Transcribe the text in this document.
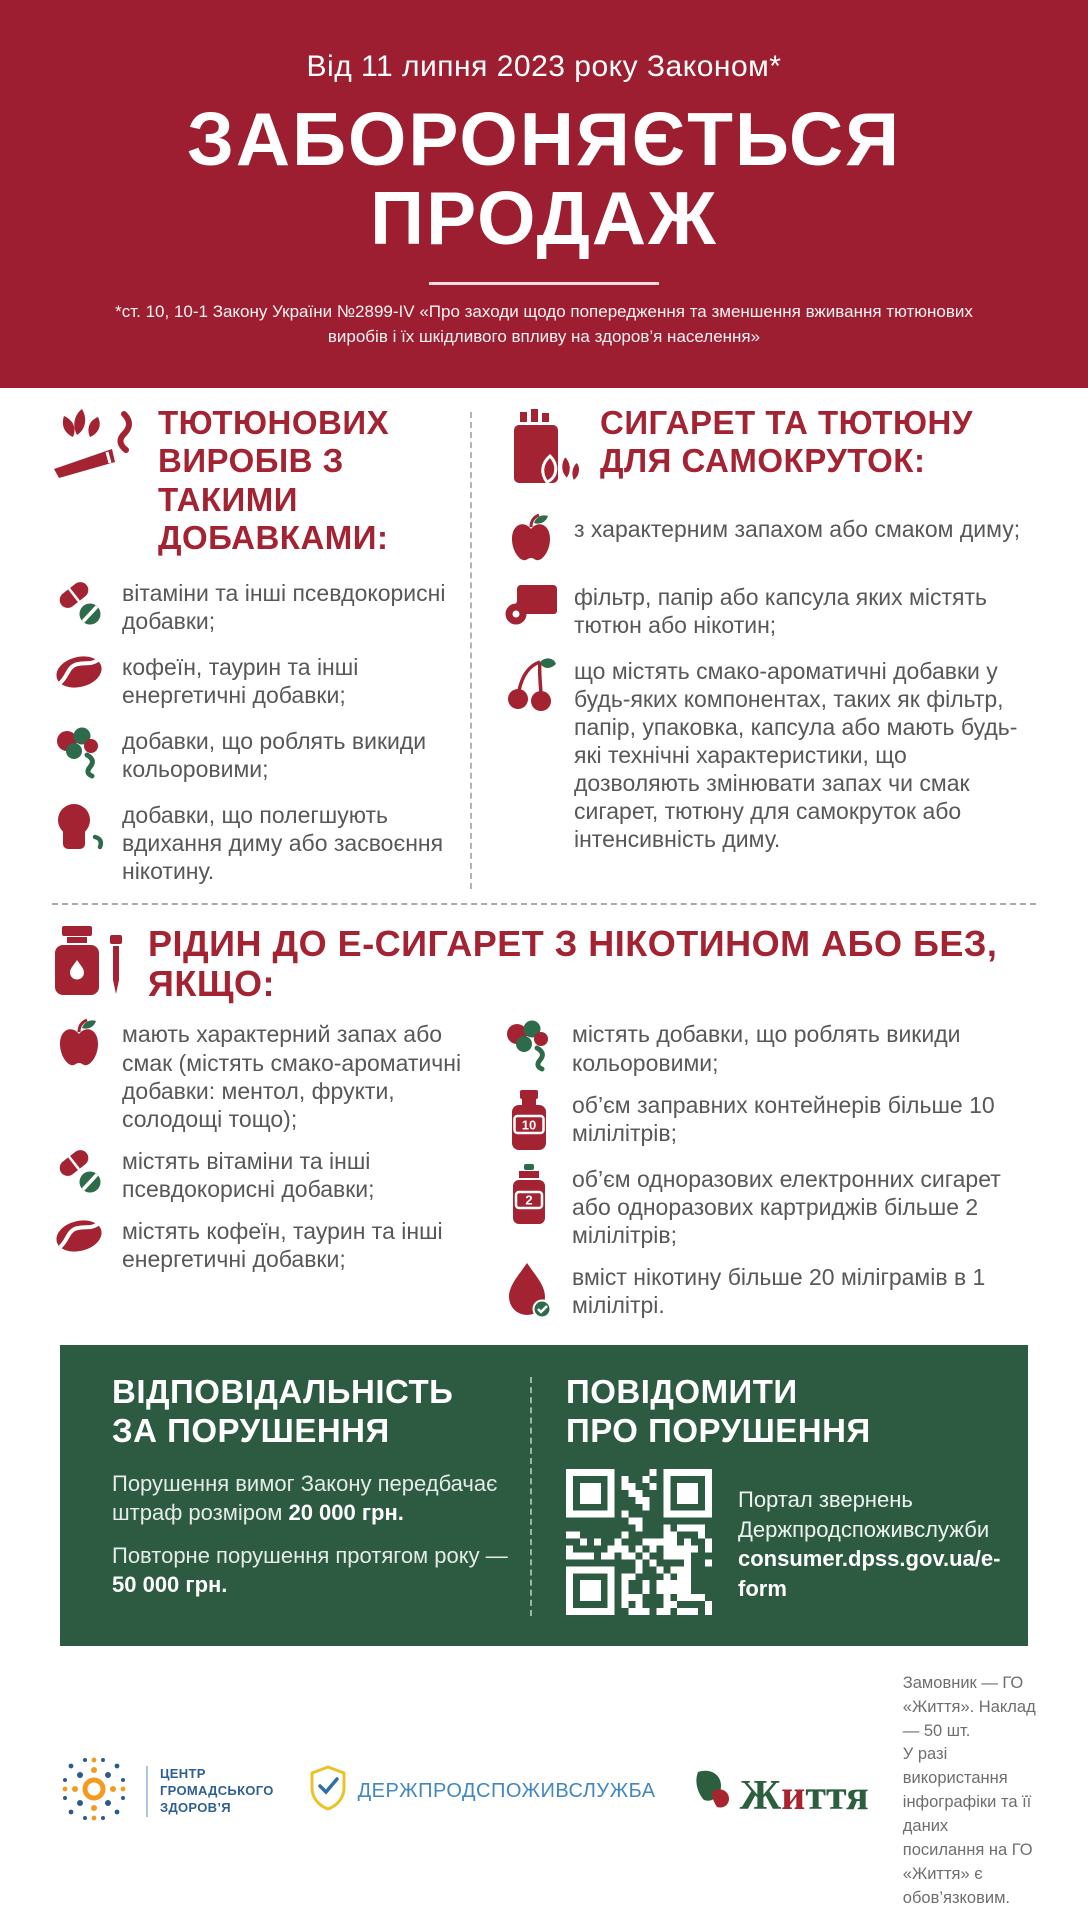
Від 11 липня 2023 року Законом*
ЗАБОРОНЯЄТЬСЯ
ПРОДАЖ

*ст. 10, 10-1 Закону України №2899-IV «Про заходи щодо попередження та зменшення вживання тютюнових виробів і їх шкідливого впливу на здоров’я населення»

ТЮТЮНОВИХ ВИРОБІВ З ТАКИМИ ДОБАВКАМИ:
вітаміни та інші псевдокорисні добавки;
кофеїн, таурин та інші енергетичні добавки;
добавки, що роблять викиди кольоровими;
добавки, що полегшують вдихання диму або засвоєння нікотину.
СИГАРЕТ ТА ТЮТЮНУ ДЛЯ САМОКРУТОК:
з характерним запахом або смаком диму;
фільтр, папір або капсула яких містять тютюн або нікотин;
що містять смако-ароматичні добавки у будь-яких компонентах, таких як фільтр, папір, упаковка, капсула або мають будь-які технічні характеристики, що дозволяють змінювати запах чи смак сигарет, тютюну для самокруток або інтенсивність диму.
РІДИН ДО Е-СИГАРЕТ З НІКОТИНОМ АБО БЕЗ, ЯКЩО:
мають характерний запах або смак (містять смако-ароматичні добавки: ментол, фрукти, солодощі тощо);
містять вітаміни та інші псевдокорисні добавки;
містять кофеїн, таурин та інші енергетичні добавки;
містять добавки, що роблять викиди кольоровими;
10
об’єм заправних контейнерів більше 10 мілілітрів;
2
об’єм одноразових електронних сигарет або одноразових картриджів більше 2 мілілітрів;
вміст нікотину більше 20 міліграмів в 1 мілілітрі.
ВІДПОВІДАЛЬНІСТЬ
ЗА ПОРУШЕННЯ

Порушення вимог Закону передбачає штраф розміром 20 000 грн.

Повторне порушення протягом року — 50 000 грн.

ПОВІДОМИТИ
ПРО ПОРУШЕННЯ
Портал звернень
Держпродспоживслужби
consumer.dpss.gov.ua/e-form
ЦЕНТР
ГРОМАДСЬКОГО
ЗДОРОВ’Я
ДЕРЖПРОДСПОЖИВСЛУЖБА Життя
Замовник — ГО «Життя». Наклад — 50 шт.
У разі використання інфографіки та її даних
посилання на ГО «Життя» є обов’язковим.
